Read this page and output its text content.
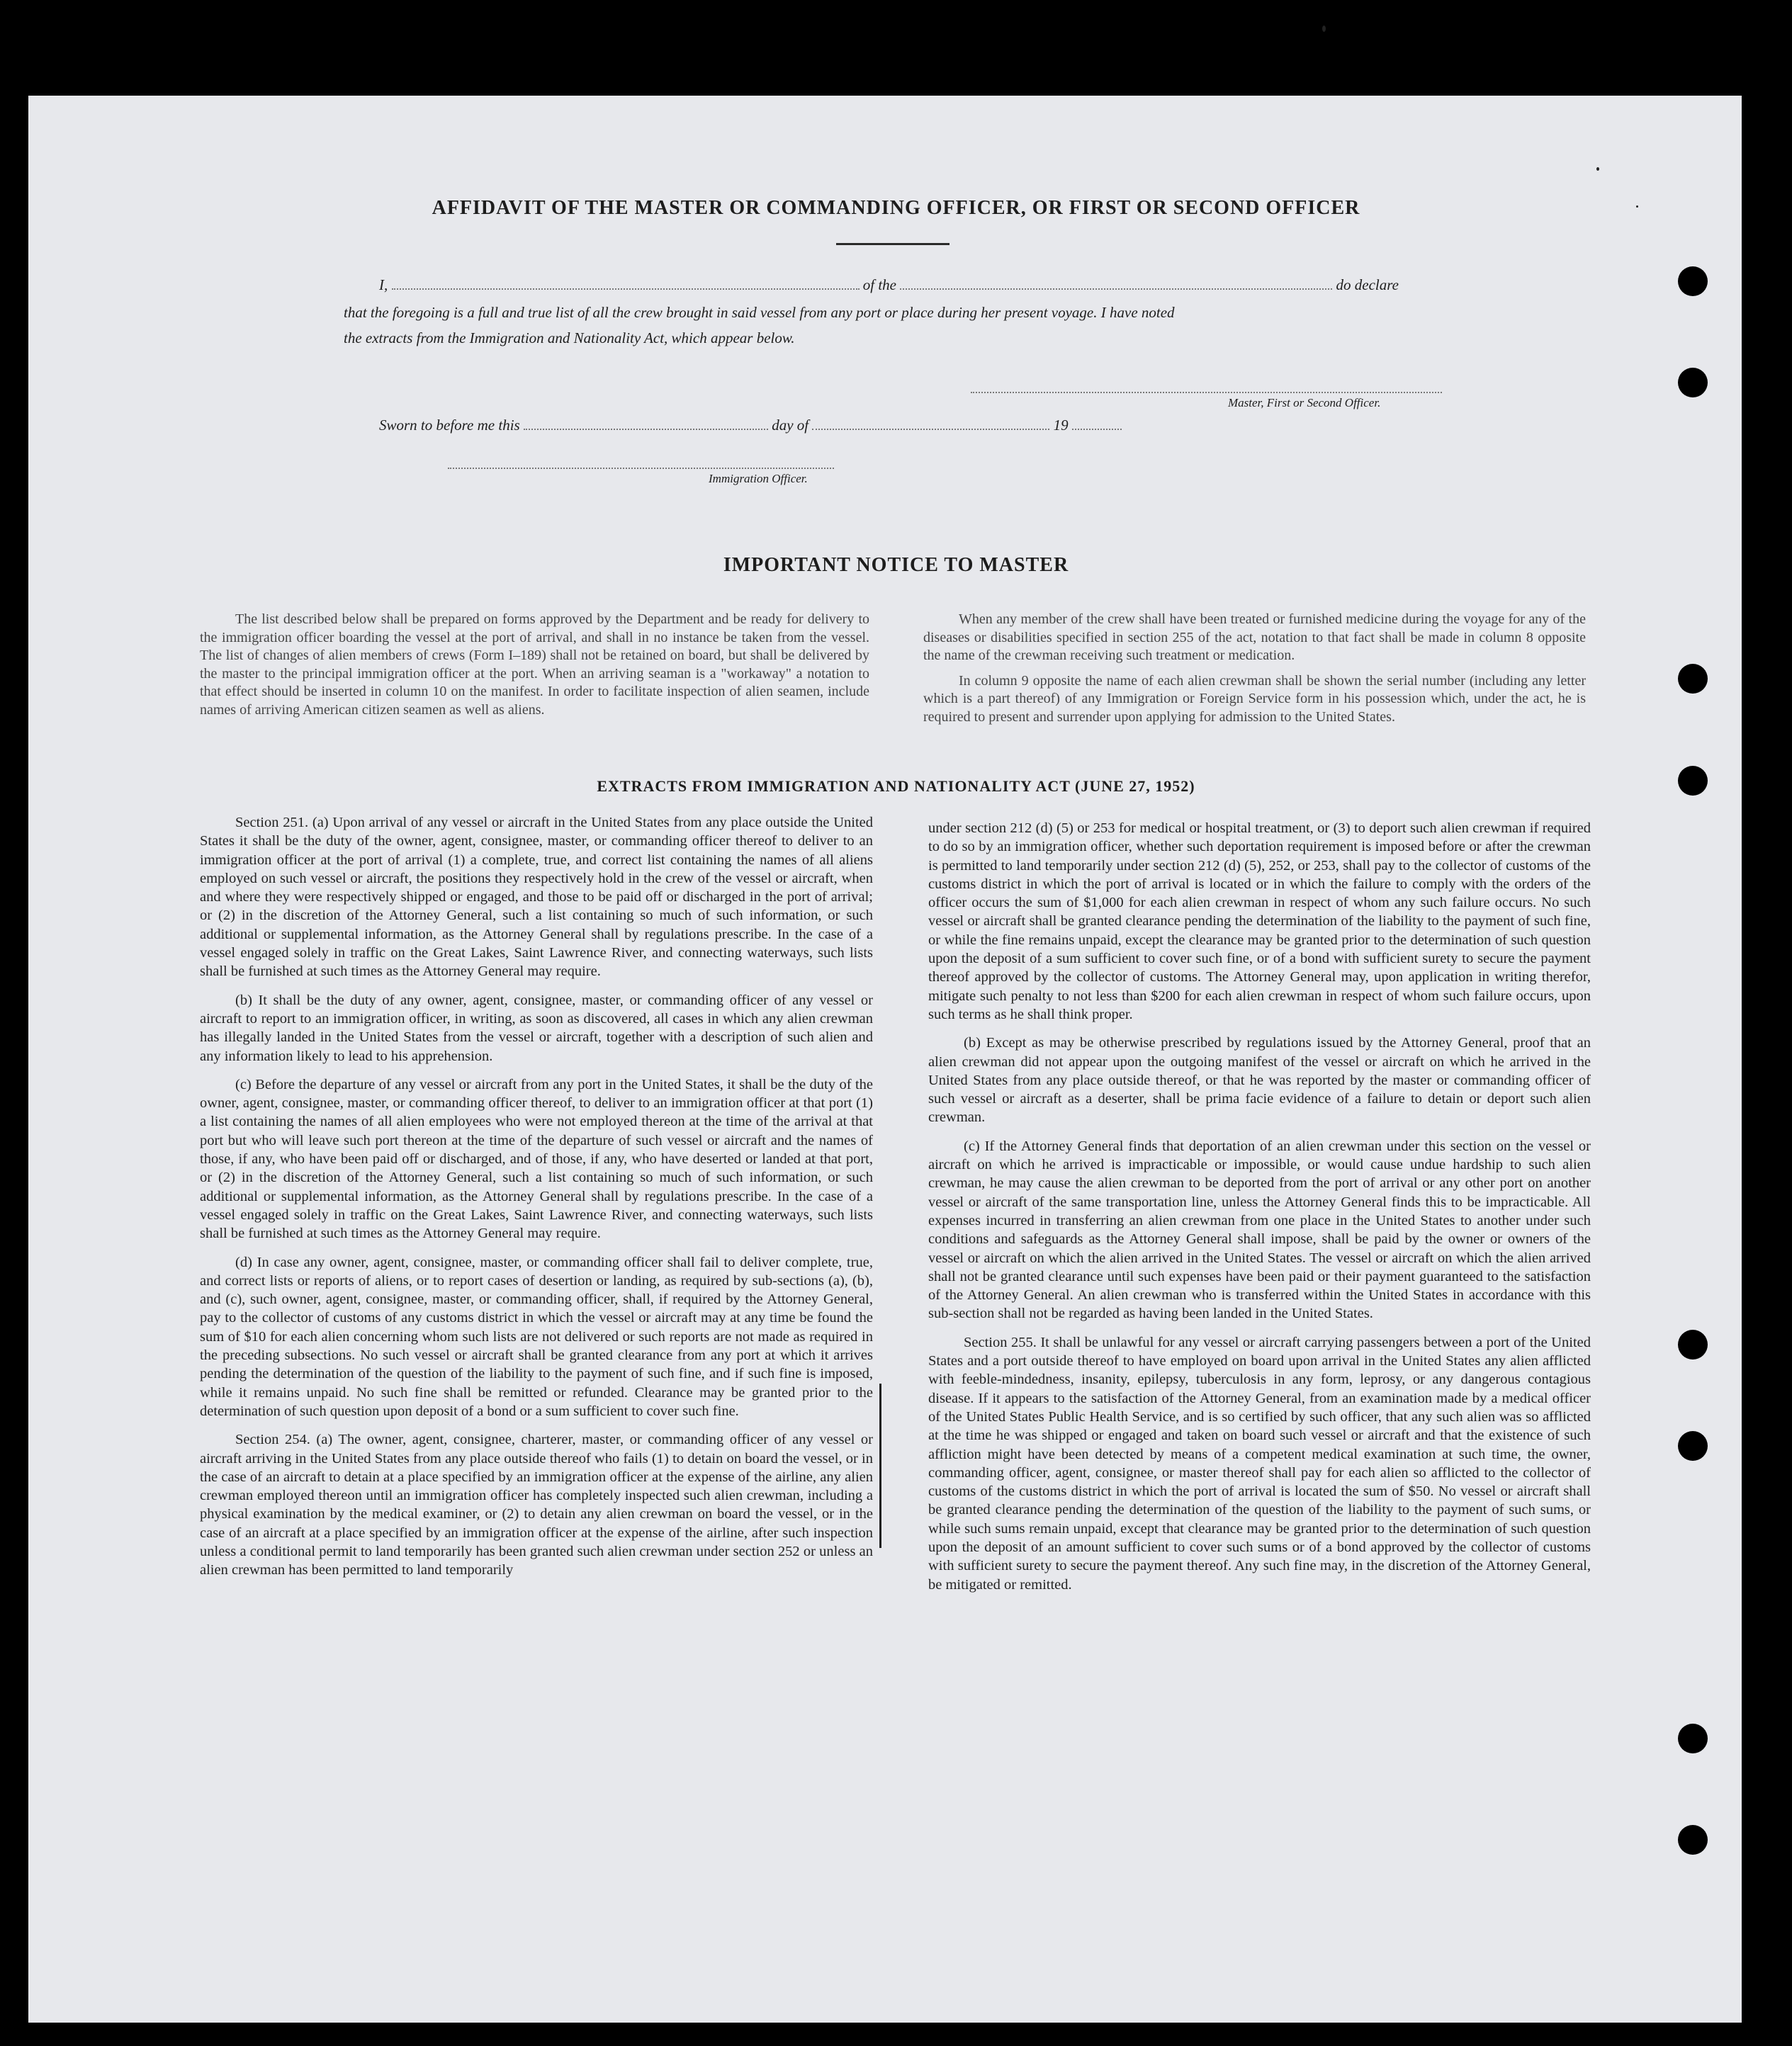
AFFIDAVIT OF THE MASTER OR COMMANDING OFFICER, OR FIRST OR SECOND OFFICER
I,	of the	do declare
that the foregoing is a full and true list of all the crew brought in said vessel from any port or place during her present voyage. I have noted
the extracts from the Immigration and Nationality Act, which appear below.
Master, First or Second Officer.
Sworn to before me this	day of	19
Immigration Officer.
IMPORTANT NOTICE TO MASTER

The list described below shall be prepared on forms approved by the Department and be ready for delivery to the immigration officer boarding the vessel at the port of arrival, and shall in no instance be taken from the vessel. The list of changes of alien members of crews (Form I–189) shall not be retained on board, but shall be delivered by the master to the principal immigration officer at the port. When an arriving seaman is a "workaway" a notation to that effect should be inserted in column 10 on the manifest. In order to facilitate inspection of alien seamen, include names of arriving American citizen seamen as well as aliens.

When any member of the crew shall have been treated or furnished medicine during the voyage for any of the diseases or disabilities specified in section 255 of the act, notation to that fact shall be made in column 8 opposite the name of the crewman receiving such treatment or medication.

In column 9 opposite the name of each alien crewman shall be shown the serial number (including any letter which is a part thereof) of any Immigration or Foreign Service form in his possession which, under the act, he is required to present and surrender upon applying for admission to the United States.

EXTRACTS FROM IMMIGRATION AND NATIONALITY ACT (JUNE 27, 1952)

Section 251. (a) Upon arrival of any vessel or aircraft in the United States from any place outside the United States it shall be the duty of the owner, agent, consignee, master, or commanding officer thereof to deliver to an immigration officer at the port of arrival (1) a complete, true, and correct list containing the names of all aliens employed on such vessel or aircraft, the positions they respectively hold in the crew of the vessel or aircraft, when and where they were respectively shipped or engaged, and those to be paid off or discharged in the port of arrival; or (2) in the discretion of the Attorney General, such a list containing so much of such information, or such additional or supplemental information, as the Attorney General shall by regulations prescribe. In the case of a vessel engaged solely in traffic on the Great Lakes, Saint Lawrence River, and connecting waterways, such lists shall be furnished at such times as the Attorney General may require.

(b) It shall be the duty of any owner, agent, consignee, master, or commanding officer of any vessel or aircraft to report to an immigration officer, in writing, as soon as discovered, all cases in which any alien crewman has illegally landed in the United States from the vessel or aircraft, together with a description of such alien and any information likely to lead to his apprehension.

(c) Before the departure of any vessel or aircraft from any port in the United States, it shall be the duty of the owner, agent, consignee, master, or commanding officer thereof, to deliver to an immigration officer at that port (1) a list containing the names of all alien employees who were not employed thereon at the time of the arrival at that port but who will leave such port thereon at the time of the departure of such vessel or aircraft and the names of those, if any, who have been paid off or discharged, and of those, if any, who have deserted or landed at that port, or (2) in the discretion of the Attorney General, such a list containing so much of such information, or such additional or supplemental information, as the Attorney General shall by regulations prescribe. In the case of a vessel engaged solely in traffic on the Great Lakes, Saint Lawrence River, and connecting waterways, such lists shall be furnished at such times as the Attorney General may require.

(d) In case any owner, agent, consignee, master, or commanding officer shall fail to deliver complete, true, and correct lists or reports of aliens, or to report cases of desertion or landing, as required by sub-sections (a), (b), and (c), such owner, agent, consignee, master, or commanding officer, shall, if required by the Attorney General, pay to the collector of customs of any customs district in which the vessel or aircraft may at any time be found the sum of $10 for each alien concerning whom such lists are not delivered or such reports are not made as required in the preceding subsections. No such vessel or aircraft shall be granted clearance from any port at which it arrives pending the determination of the question of the liability to the payment of such fine, and if such fine is imposed, while it remains unpaid. No such fine shall be remitted or refunded. Clearance may be granted prior to the determination of such question upon deposit of a bond or a sum sufficient to cover such fine.

Section 254. (a) The owner, agent, consignee, charterer, master, or commanding officer of any vessel or aircraft arriving in the United States from any place outside thereof who fails (1) to detain on board the vessel, or in the case of an aircraft to detain at a place specified by an immigration officer at the expense of the airline, any alien crewman employed thereon until an immigration officer has completely inspected such alien crewman, including a physical examination by the medical examiner, or (2) to detain any alien crewman on board the vessel, or in the case of an aircraft at a place specified by an immigration officer at the expense of the airline, after such inspection unless a conditional permit to land temporarily has been granted such alien crewman under section 252 or unless an alien crewman has been permitted to land temporarily

under section 212 (d) (5) or 253 for medical or hospital treatment, or (3) to deport such alien crewman if required to do so by an immigration officer, whether such deportation requirement is imposed before or after the crewman is permitted to land temporarily under section 212 (d) (5), 252, or 253, shall pay to the collector of customs of the customs district in which the port of arrival is located or in which the failure to comply with the orders of the officer occurs the sum of $1,000 for each alien crewman in respect of whom any such failure occurs. No such vessel or aircraft shall be granted clearance pending the determination of the liability to the payment of such fine, or while the fine remains unpaid, except the clearance may be granted prior to the determination of such question upon the deposit of a sum sufficient to cover such fine, or of a bond with sufficient surety to secure the payment thereof approved by the collector of customs. The Attorney General may, upon application in writing therefor, mitigate such penalty to not less than $200 for each alien crewman in respect of whom such failure occurs, upon such terms as he shall think proper.

(b) Except as may be otherwise prescribed by regulations issued by the Attorney General, proof that an alien crewman did not appear upon the outgoing manifest of the vessel or aircraft on which he arrived in the United States from any place outside thereof, or that he was reported by the master or commanding officer of such vessel or aircraft as a deserter, shall be prima facie evidence of a failure to detain or deport such alien crewman.

(c) If the Attorney General finds that deportation of an alien crewman under this section on the vessel or aircraft on which he arrived is impracticable or impossible, or would cause undue hardship to such alien crewman, he may cause the alien crewman to be deported from the port of arrival or any other port on another vessel or aircraft of the same transportation line, unless the Attorney General finds this to be impracticable. All expenses incurred in transferring an alien crewman from one place in the United States to another under such conditions and safeguards as the Attorney General shall impose, shall be paid by the owner or owners of the vessel or aircraft on which the alien arrived in the United States. The vessel or aircraft on which the alien arrived shall not be granted clearance until such expenses have been paid or their payment guaranteed to the satisfaction of the Attorney General. An alien crewman who is transferred within the United States in accordance with this sub-section shall not be regarded as having been landed in the United States.

Section 255. It shall be unlawful for any vessel or aircraft carrying passengers between a port of the United States and a port outside thereof to have employed on board upon arrival in the United States any alien afflicted with feeble-mindedness, insanity, epilepsy, tuberculosis in any form, leprosy, or any dangerous contagious disease. If it appears to the satisfaction of the Attorney General, from an examination made by a medical officer of the United States Public Health Service, and is so certified by such officer, that any such alien was so afflicted at the time he was shipped or engaged and taken on board such vessel or aircraft and that the existence of such affliction might have been detected by means of a competent medical examination at such time, the owner, commanding officer, agent, consignee, or master thereof shall pay for each alien so afflicted to the collector of customs of the customs district in which the port of arrival is located the sum of $50. No vessel or aircraft shall be granted clearance pending the determination of the question of the liability to the payment of such sums, or while such sums remain unpaid, except that clearance may be granted prior to the determination of such question upon the deposit of an amount sufficient to cover such sums or of a bond approved by the collector of customs with sufficient surety to secure the payment thereof. Any such fine may, in the discretion of the Attorney General, be mitigated or remitted.
